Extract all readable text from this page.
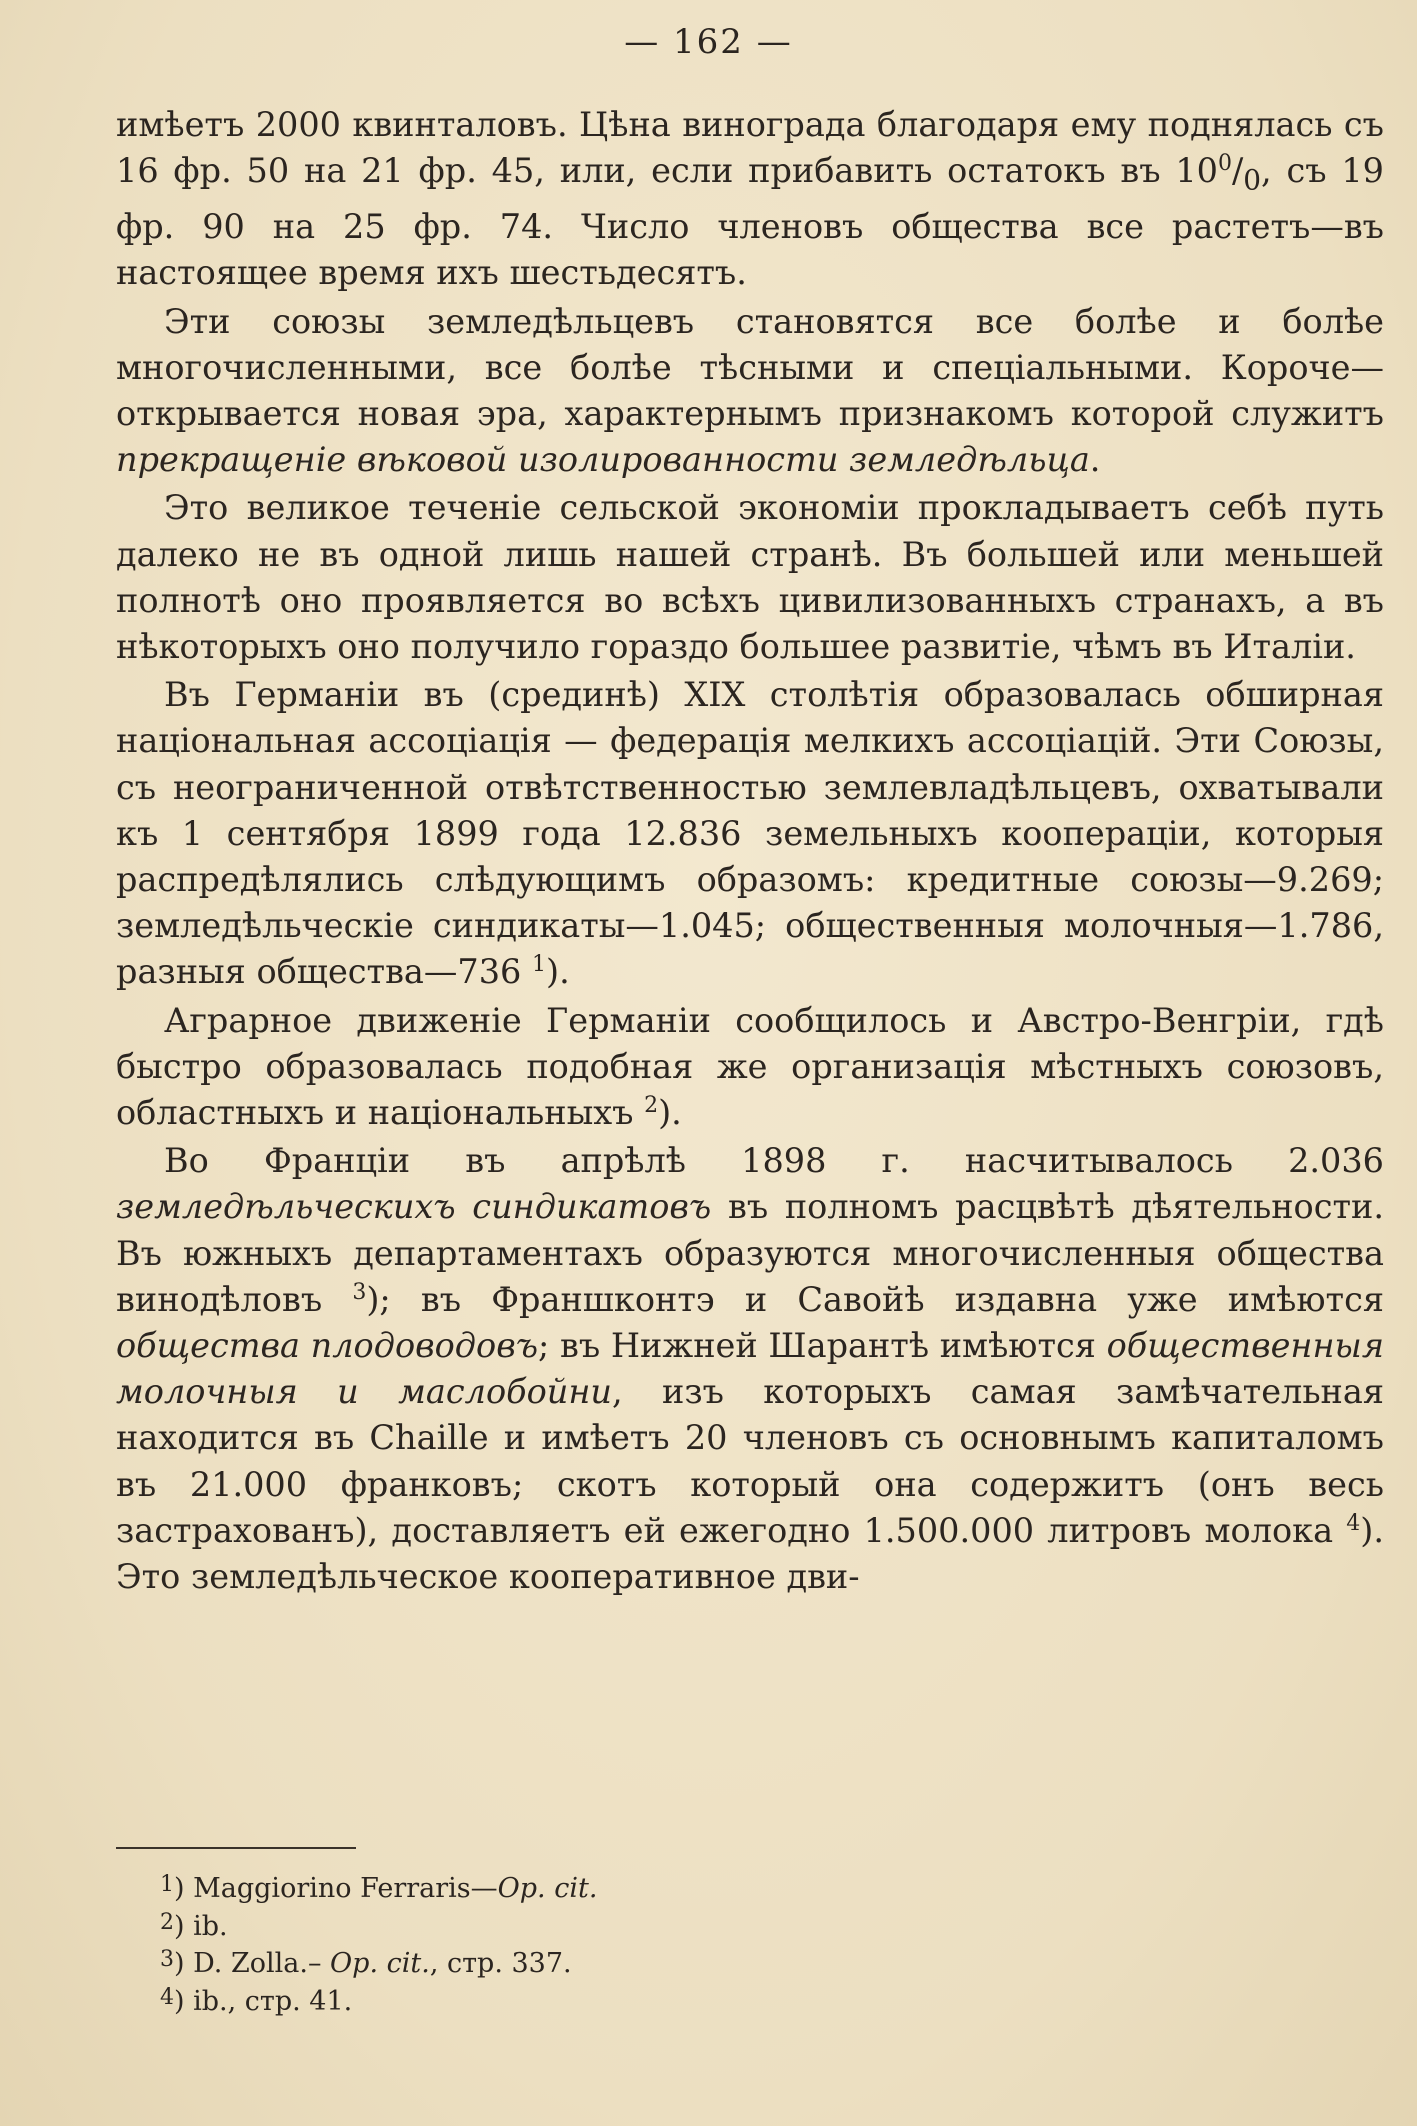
— 162 —

имѣетъ 2000 квинталовъ. Цѣна винограда благодаря ему поднялась съ 16 фр. 50 на 21 фр. 45, или, если прибавить остатокъ въ $10^0/_0$, съ 19 фр. 90 на 25 фр. 74. Число членовъ общества все растетъ—въ настоящее время ихъ шестьдесятъ.

Эти союзы земледѣльцевъ становятся все болѣе и болѣе многочисленными, все болѣе тѣсными и спеціальными. Короче—открывается новая эра, характернымъ признакомъ которой служитъ прекращеніе вѣковой изолированности земледѣльца.

Это великое теченіе сельской экономіи прокладываетъ себѣ путь далеко не въ одной лишь нашей странѣ. Въ большей или меньшей полнотѣ оно проявляется во всѣхъ цивилизованныхъ странахъ, а въ нѣкоторыхъ оно получило гораздо большее развитіе, чѣмъ въ Италіи.

Въ Германіи въ (срединѣ) XIX столѣтія образовалась обширная національная ассоціація — федерація мелкихъ ассоціацій. Эти Союзы, съ неограниченной отвѣтственностью землевладѣльцевъ, охватывали къ 1 сентября 1899 года 12.836 земельныхъ коопераціи, которыя распредѣлялись слѣдующимъ образомъ: кредитные союзы—9.269; земледѣльческіе синдикаты—1.045; общественныя молочныя—1.786, разныя общества—736 $^1$).

Аграрное движеніе Германіи сообщилось и Австро-Венгріи, гдѣ быстро образовалась подобная же организація мѣстныхъ союзовъ, областныхъ и національныхъ $^2$).

Во Франціи въ апрѣлѣ 1898 г. насчитывалось 2.036 земледѣльческихъ синдикатовъ въ полномъ расцвѣтѣ дѣятельности. Въ южныхъ департаментахъ образуются многочисленныя общества винодѣловъ $^3$); въ Франшконтэ и Савойѣ издавна уже имѣются общества плодоводовъ; въ Нижней Шарантѣ имѣются общественныя молочныя и маслобойни, изъ которыхъ самая замѣчательная находится въ Chaille и имѣетъ 20 членовъ съ основнымъ капиталомъ въ 21.000 франковъ; скотъ который она содержитъ (онъ весь застрахованъ), доставляетъ ей ежегодно 1.500.000 литровъ молока $^4$). Это земледѣльческое кооперативное дви-

$^1$) Maggiorino Ferraris—Op. cit.

$^2$) ib.

$^3$) D. Zolla.– Op. cit., стр. 337.

$^4$) ib., стр. 41.
